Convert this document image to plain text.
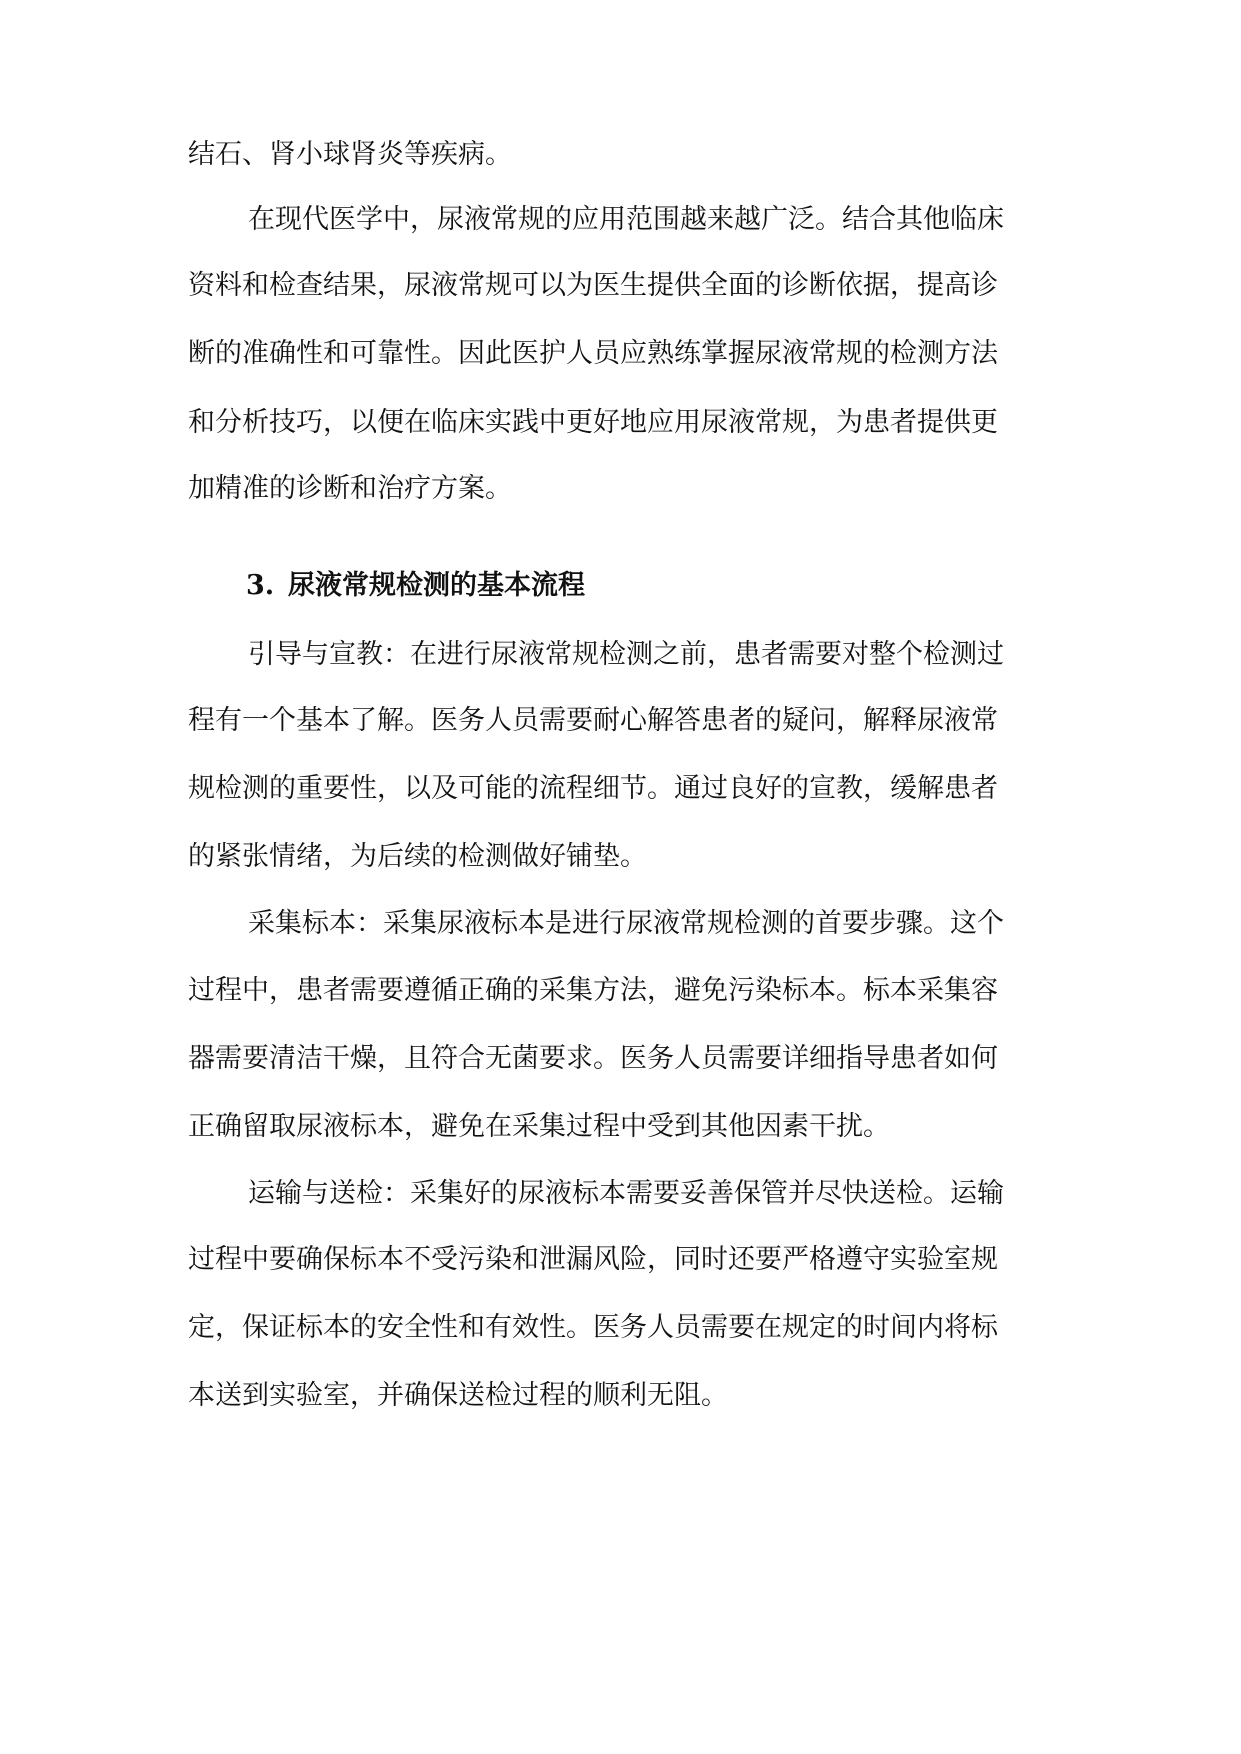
结石、肾小球肾炎等疾病。
在现代医学中，尿液常规的应用范围越来越广泛。结合其他临床
资料和检查结果，尿液常规可以为医生提供全面的诊断依据，提高诊
断的准确性和可靠性。因此医护人员应熟练掌握尿液常规的检测方法
和分析技巧，以便在临床实践中更好地应用尿液常规，为患者提供更
加精准的诊断和治疗方案。
3. 尿液常规检测的基本流程
引导与宣教：在进行尿液常规检测之前，患者需要对整个检测过
程有一个基本了解。医务人员需要耐心解答患者的疑问，解释尿液常
规检测的重要性，以及可能的流程细节。通过良好的宣教，缓解患者
的紧张情绪，为后续的检测做好铺垫。
采集标本：采集尿液标本是进行尿液常规检测的首要步骤。这个
过程中，患者需要遵循正确的采集方法，避免污染标本。标本采集容
器需要清洁干燥，且符合无菌要求。医务人员需要详细指导患者如何
正确留取尿液标本，避免在采集过程中受到其他因素干扰。
运输与送检：采集好的尿液标本需要妥善保管并尽快送检。运输
过程中要确保标本不受污染和泄漏风险，同时还要严格遵守实验室规
定，保证标本的安全性和有效性。医务人员需要在规定的时间内将标
本送到实验室，并确保送检过程的顺利无阻。
